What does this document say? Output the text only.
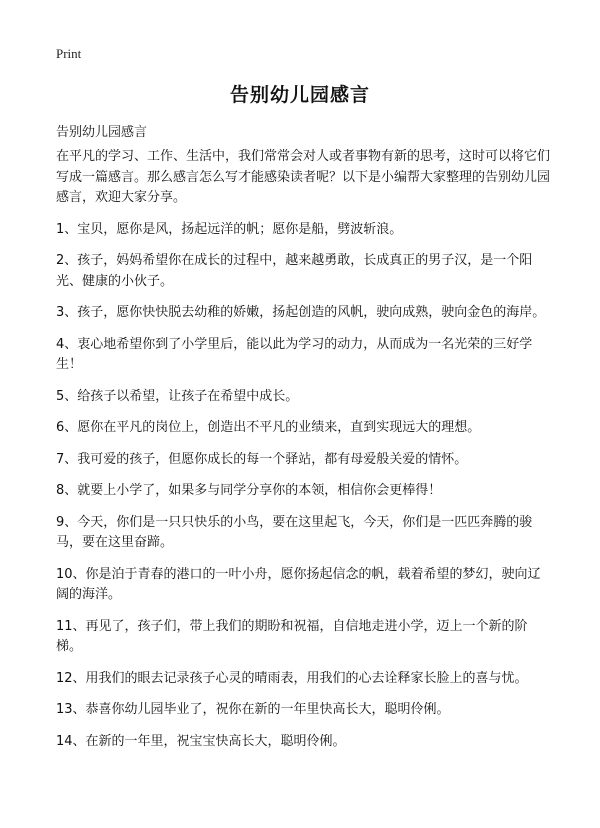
Print
告别幼儿园感言

告别幼儿园感言

在平凡的学习、工作、生活中，我们常常会对人或者事物有新的思考，这时可以将它们写成一篇感言。那么感言怎么写才能感染读者呢？以下是小编帮大家整理的告别幼儿园感言，欢迎大家分享。

1、宝贝，愿你是风，扬起远洋的帆；愿你是船，劈波斩浪。

2、孩子，妈妈希望你在成长的过程中，越来越勇敢，长成真正的男子汉，是一个阳光、健康的小伙子。

3、孩子，愿你快快脱去幼稚的娇嫩，扬起创造的风帆，驶向成熟，驶向金色的海岸。

4、衷心地希望你到了小学里后，能以此为学习的动力，从而成为一名光荣的三好学生！

5、给孩子以希望，让孩子在希望中成长。

6、愿你在平凡的岗位上，创造出不平凡的业绩来，直到实现远大的理想。

7、我可爱的孩子，但愿你成长的每一个驿站，都有母爱般关爱的情怀。

8、就要上小学了，如果多与同学分享你的本领，相信你会更棒得！

9、今天，你们是一只只快乐的小鸟，要在这里起飞，今天，你们是一匹匹奔腾的骏马，要在这里奋蹄。

10、你是泊于青春的港口的一叶小舟，愿你扬起信念的帆，载着希望的梦幻，驶向辽阔的海洋。

11、再见了，孩子们，带上我们的期盼和祝福，自信地走进小学，迈上一个新的阶梯。

12、用我们的眼去记录孩子心灵的晴雨表，用我们的心去诠释家长脸上的喜与忧。

13、恭喜你幼儿园毕业了，祝你在新的一年里快高长大，聪明伶俐。

14、在新的一年里，祝宝宝快高长大，聪明伶俐。
